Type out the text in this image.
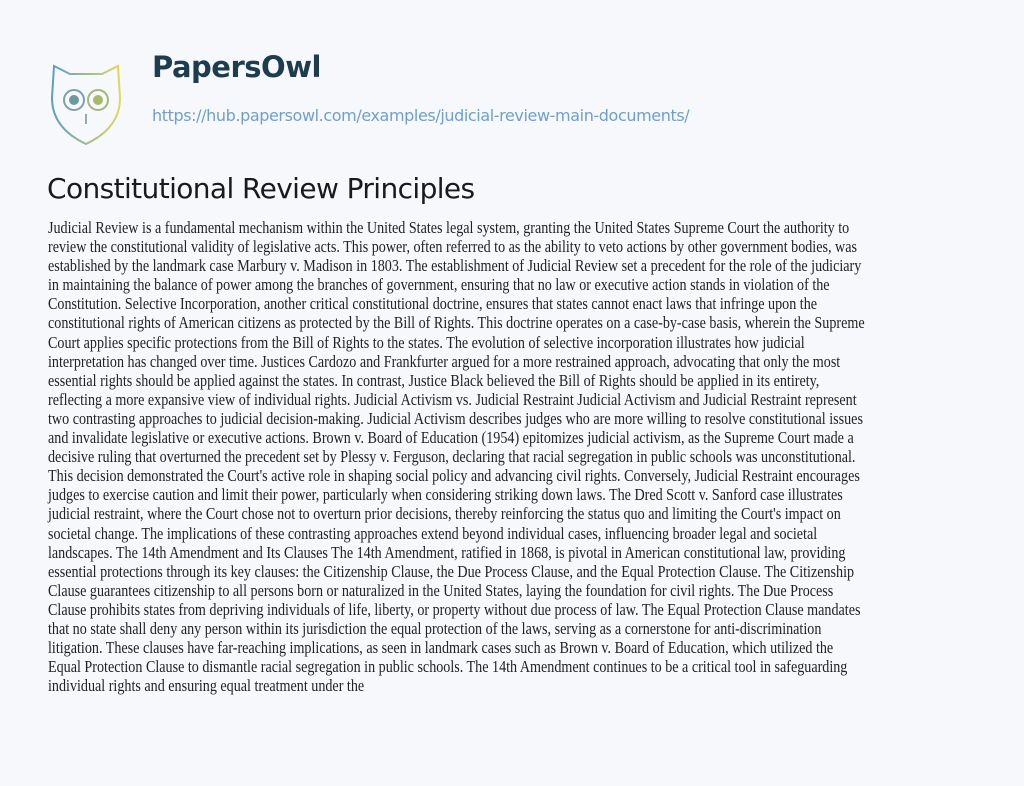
PapersOwl
https://hub.papersowl.com/examples/judicial-review-main-documents/
Constitutional Review Principles
Judicial Review is a fundamental mechanism within the United States legal system, granting the United States Supreme Court the authority to
review the constitutional validity of legislative acts. This power, often referred to as the ability to veto actions by other government bodies, was
established by the landmark case Marbury v. Madison in 1803. The establishment of Judicial Review set a precedent for the role of the judiciary
in maintaining the balance of power among the branches of government, ensuring that no law or executive action stands in violation of the
Constitution. Selective Incorporation, another critical constitutional doctrine, ensures that states cannot enact laws that infringe upon the
constitutional rights of American citizens as protected by the Bill of Rights. This doctrine operates on a case-by-case basis, wherein the Supreme
Court applies specific protections from the Bill of Rights to the states. The evolution of selective incorporation illustrates how judicial
interpretation has changed over time. Justices Cardozo and Frankfurter argued for a more restrained approach, advocating that only the most
essential rights should be applied against the states. In contrast, Justice Black believed the Bill of Rights should be applied in its entirety,
reflecting a more expansive view of individual rights. Judicial Activism vs. Judicial Restraint Judicial Activism and Judicial Restraint represent
two contrasting approaches to judicial decision-making. Judicial Activism describes judges who are more willing to resolve constitutional issues
and invalidate legislative or executive actions. Brown v. Board of Education (1954) epitomizes judicial activism, as the Supreme Court made a
decisive ruling that overturned the precedent set by Plessy v. Ferguson, declaring that racial segregation in public schools was unconstitutional.
This decision demonstrated the Court's active role in shaping social policy and advancing civil rights. Conversely, Judicial Restraint encourages
judges to exercise caution and limit their power, particularly when considering striking down laws. The Dred Scott v. Sanford case illustrates
judicial restraint, where the Court chose not to overturn prior decisions, thereby reinforcing the status quo and limiting the Court's impact on
societal change. The implications of these contrasting approaches extend beyond individual cases, influencing broader legal and societal
landscapes. The 14th Amendment and Its Clauses The 14th Amendment, ratified in 1868, is pivotal in American constitutional law, providing
essential protections through its key clauses: the Citizenship Clause, the Due Process Clause, and the Equal Protection Clause. The Citizenship
Clause guarantees citizenship to all persons born or naturalized in the United States, laying the foundation for civil rights. The Due Process
Clause prohibits states from depriving individuals of life, liberty, or property without due process of law. The Equal Protection Clause mandates
that no state shall deny any person within its jurisdiction the equal protection of the laws, serving as a cornerstone for anti-discrimination
litigation. These clauses have far-reaching implications, as seen in landmark cases such as Brown v. Board of Education, which utilized the
Equal Protection Clause to dismantle racial segregation in public schools. The 14th Amendment continues to be a critical tool in safeguarding
individual rights and ensuring equal treatment under the
